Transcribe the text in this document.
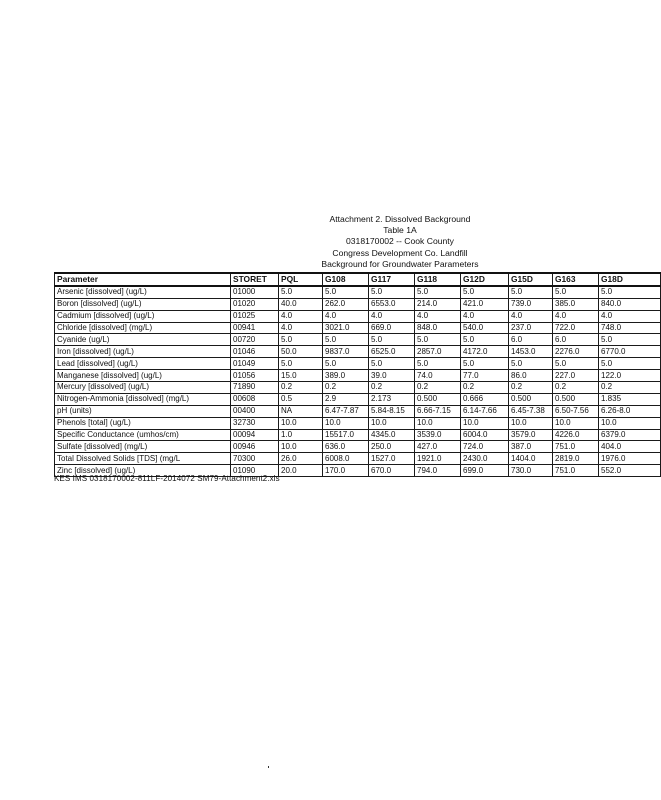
Attachment 2. Dissolved Background
Table 1A
0318170002 -- Cook County
Congress Development Co. Landfill
Background for Groundwater Parameters
Parameter	STORET	PQL	G108	G117	G118	G12D	G15D	G163	G18D
Arsenic [dissolved] (ug/L)	01000	5.0	5.0	5.0	5.0	5.0	5.0	5.0	5.0
Boron [dissolved] (ug/L)	01020	40.0	262.0	6553.0	214.0	421.0	739.0	385.0	840.0
Cadmium [dissolved] (ug/L)	01025	4.0	4.0	4.0	4.0	4.0	4.0	4.0	4.0
Chloride [dissolved] (mg/L)	00941	4.0	3021.0	669.0	848.0	540.0	237.0	722.0	748.0
Cyanide (ug/L)	00720	5.0	5.0	5.0	5.0	5.0	6.0	6.0	5.0
Iron [dissolved] (ug/L)	01046	50.0	9837.0	6525.0	2857.0	4172.0	1453.0	2276.0	6770.0
Lead [dissolved] (ug/L)	01049	5.0	5.0	5.0	5.0	5.0	5.0	5.0	5.0
Manganese [dissolved] (ug/L)	01056	15.0	389.0	39.0	74.0	77.0	86.0	227.0	122.0
Mercury [dissolved] (ug/L)	71890	0.2	0.2	0.2	0.2	0.2	0.2	0.2	0.2
Nitrogen-Ammonia [dissolved] (mg/L)	00608	0.5	2.9	2.173	0.500	0.666	0.500	0.500	1.835
pH (units)	00400	NA	6.47-7.87	5.84-8.15	6.66-7.15	6.14-7.66	6.45-7.38	6.50-7.56	6.26-8.0
Phenols [total] (ug/L)	32730	10.0	10.0	10.0	10.0	10.0	10.0	10.0	10.0
Specific Conductance (umhos/cm)	00094	1.0	15517.0	4345.0	3539.0	6004.0	3579.0	4226.0	6379.0
Sulfate [dissolved] (mg/L)	00946	10.0	636.0	250.0	427.0	724.0	387.0	751.0	404.0
Total Dissolved Solids [TDS] (mg/L	70300	26.0	6008.0	1527.0	1921.0	2430.0	1404.0	2819.0	1976.0
Zinc [dissolved] (ug/L)	01090	20.0	170.0	670.0	794.0	699.0	730.0	751.0	552.0
KES IMS 0318170002-811LF-2014072 SM79-Attachment2.xls
